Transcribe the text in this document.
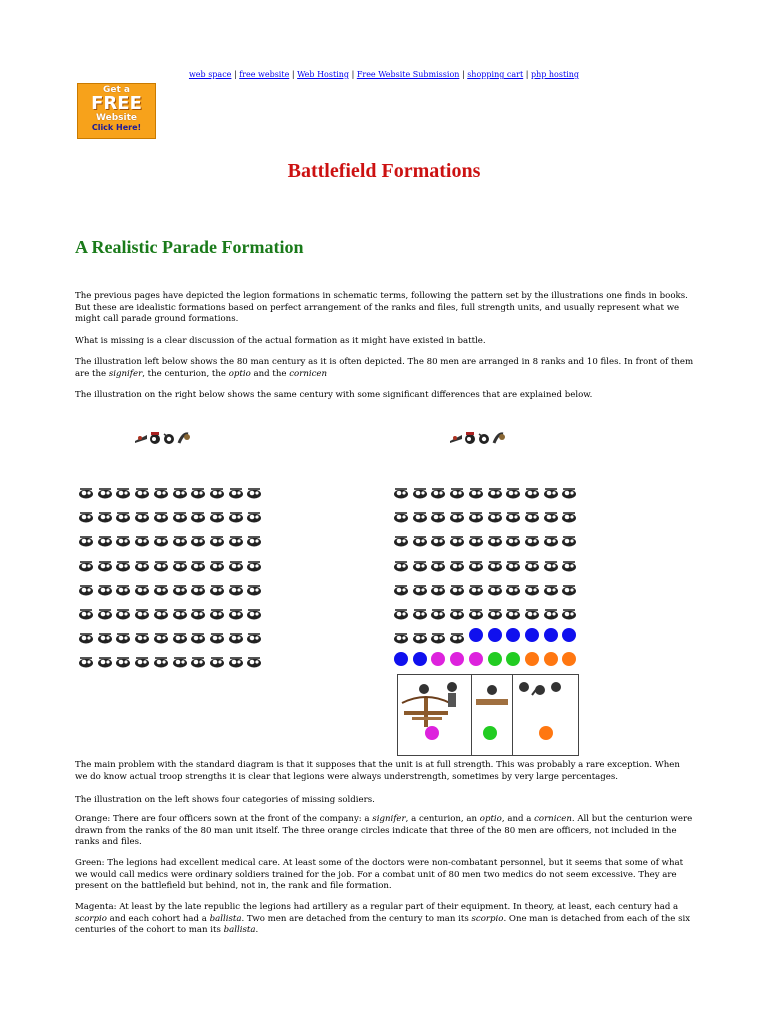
web space | free website | Web Hosting | Free Website Submission | shopping cart | php hosting
Get a
FREE
Website
Click Here!
Battlefield Formations
A Realistic Parade Formation

The previous pages have depicted the legion formations in schematic terms, following the pattern set by the illustrations one finds in books. But these are idealistic formations based on perfect arrangement of the ranks and files, full strength units, and usually represent what we might call parade ground formations.

What is missing is a clear discussion of the actual formation as it might have existed in battle.

The illustration left below shows the 80 man century as it is often depicted. The 80 men are arranged in 8 ranks and 10 files. In front of them are the signifer, the centurion, the optio and the cornicen

The illustration on the right below shows the same century with some significant differences that are explained below.

The main problem with the standard diagram is that it supposes that the unit is at full strength. This was probably a rare exception. When we do know actual troop strengths it is clear that legions were always understrength, sometimes by very large percentages.

The illustration on the left shows four categories of missing soldiers.

Orange: There are four officers sown at the front of the company: a signifer, a centurion, an optio, and a cornicen. All but the centurion were drawn from the ranks of the 80 man unit itself. The three orange circles indicate that three of the 80 men are officers, not included in the ranks and files.

Green: The legions had excellent medical care. At least some of the doctors were non-combatant personnel, but it seems that some of what we would call medics were ordinary soldiers trained for the job. For a combat unit of 80 men two medics do not seem excessive. They are present on the battlefield but behind, not in, the rank and file formation.

Magenta: At least by the late republic the legions had artillery as a regular part of their equipment. In theory, at least, each century had a scorpio and each cohort had a ballista. Two men are detached from the century to man its scorpio. One man is detached from each of the six centuries of the cohort to man its ballista.
